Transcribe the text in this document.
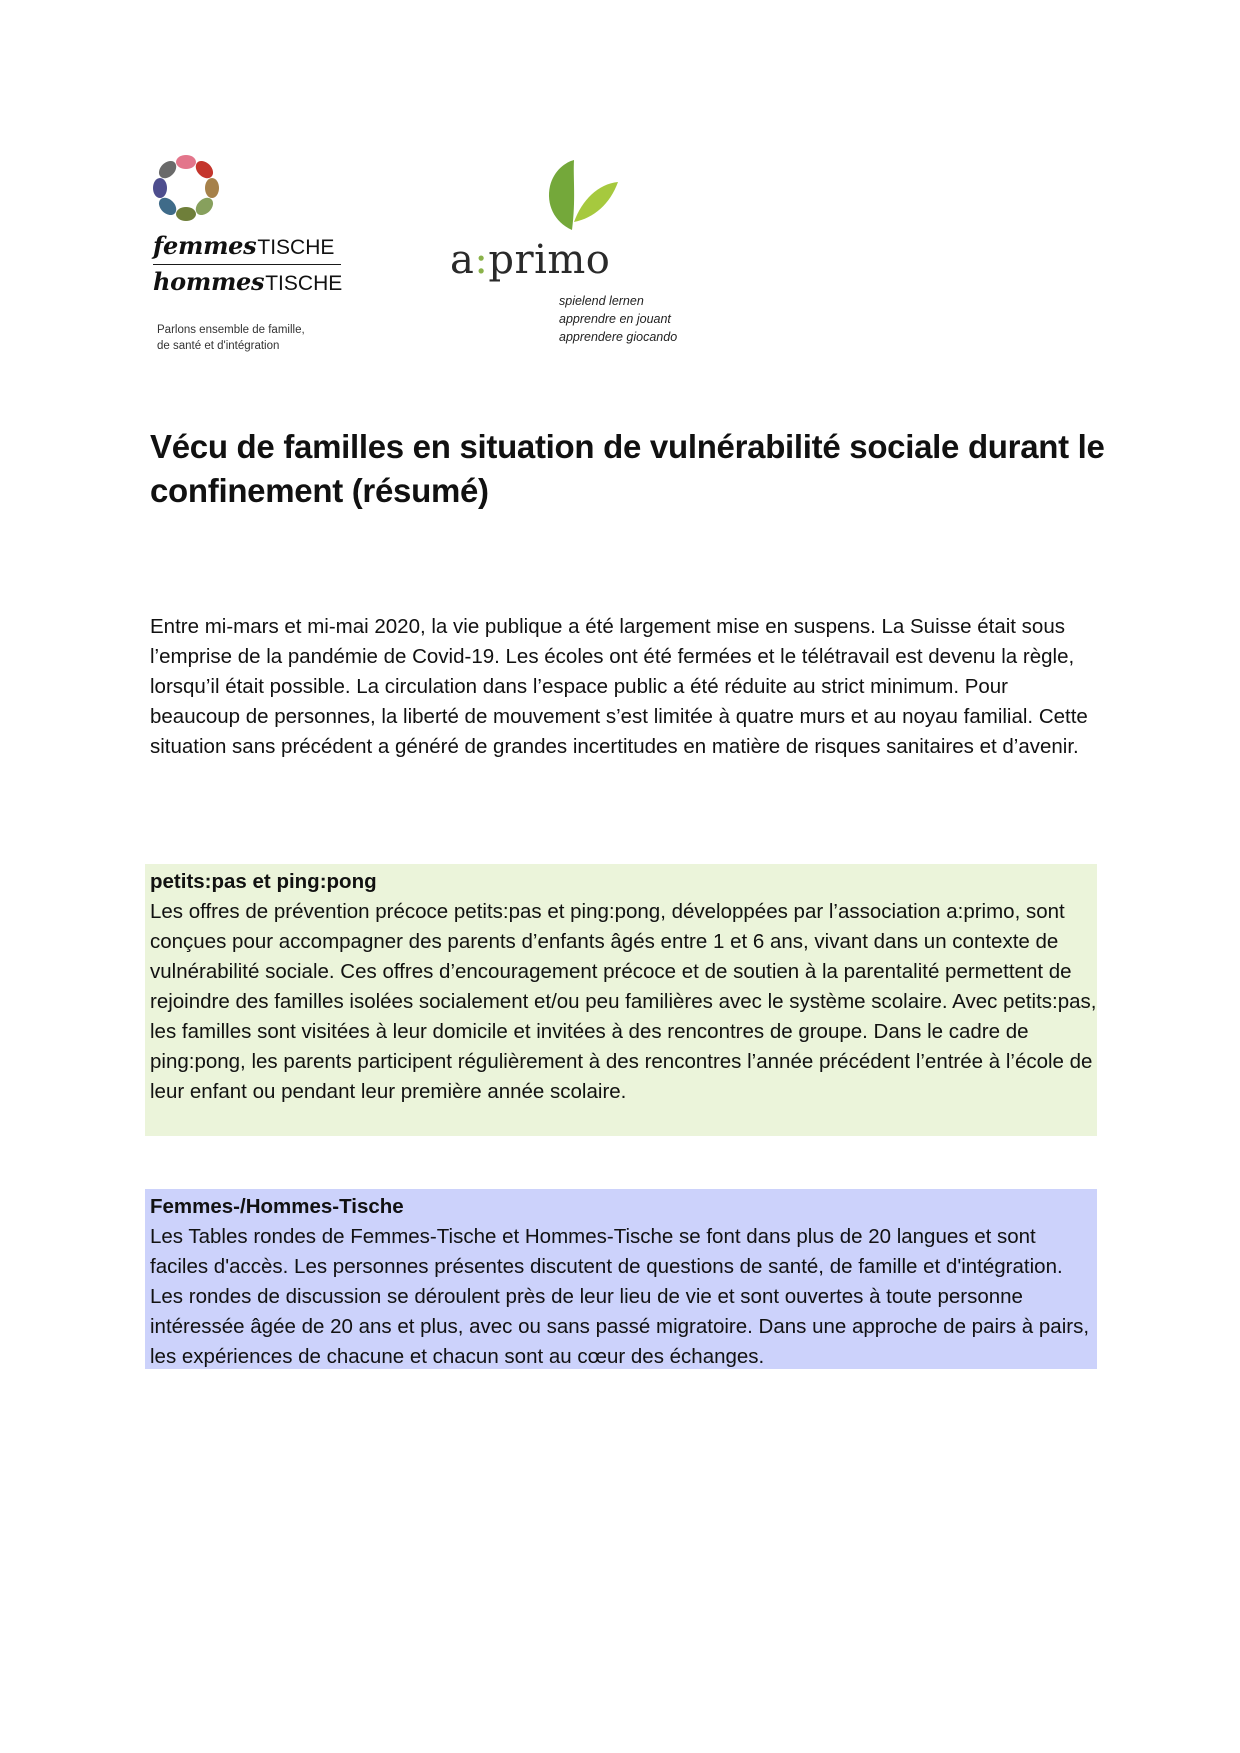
femmesTISCHE
hommesTISCHE
Parlons ensemble de famille,
de santé et d'intégration
a:primo
spielend lernen
apprendre en jouant
apprendere giocando
Vécu de familles en situation de vulnérabilité sociale durant le confinement (résumé)

Entre mi-mars et mi-mai 2020, la vie publique a été largement mise en suspens. La Suisse était sous l’emprise de la pandémie de Covid-19. Les écoles ont été fermées et le télétravail est devenu la règle, lorsqu’il était possible. La circulation dans l’espace public a été réduite au strict minimum. Pour beaucoup de personnes, la liberté de mouvement s’est limitée à quatre murs et au noyau familial. Cette situation sans précédent a généré de grandes incertitudes en matière de risques sanitaires et d’avenir.

petits:pas et ping:pong

Les offres de prévention précoce petits:pas et ping:pong, développées par l’association a:primo, sont conçues pour accompagner des parents d’enfants âgés entre 1 et 6 ans, vivant dans un contexte de vulnérabilité sociale. Ces offres d’encouragement précoce et de soutien à la parentalité permettent de rejoindre des familles isolées socialement et/ou peu familières avec le système scolaire. Avec petits:pas, les familles sont visitées à leur domicile et invitées à des rencontres de groupe. Dans le cadre de ping:pong, les parents participent régulièrement à des rencontres l’année précédent l’entrée à l’école de leur enfant ou pendant leur première année scolaire.

Femmes-/Hommes-Tische

Les Tables rondes de Femmes-Tische et Hommes-Tische se font dans plus de 20 langues et sont faciles d'accès. Les personnes présentes discutent de questions de santé, de famille et d'intégration. Les rondes de discussion se déroulent près de leur lieu de vie et sont ouvertes à toute personne intéressée âgée de 20 ans et plus, avec ou sans passé migratoire. Dans une approche de pairs à pairs, les expériences de chacune et chacun sont au cœur des échanges.
